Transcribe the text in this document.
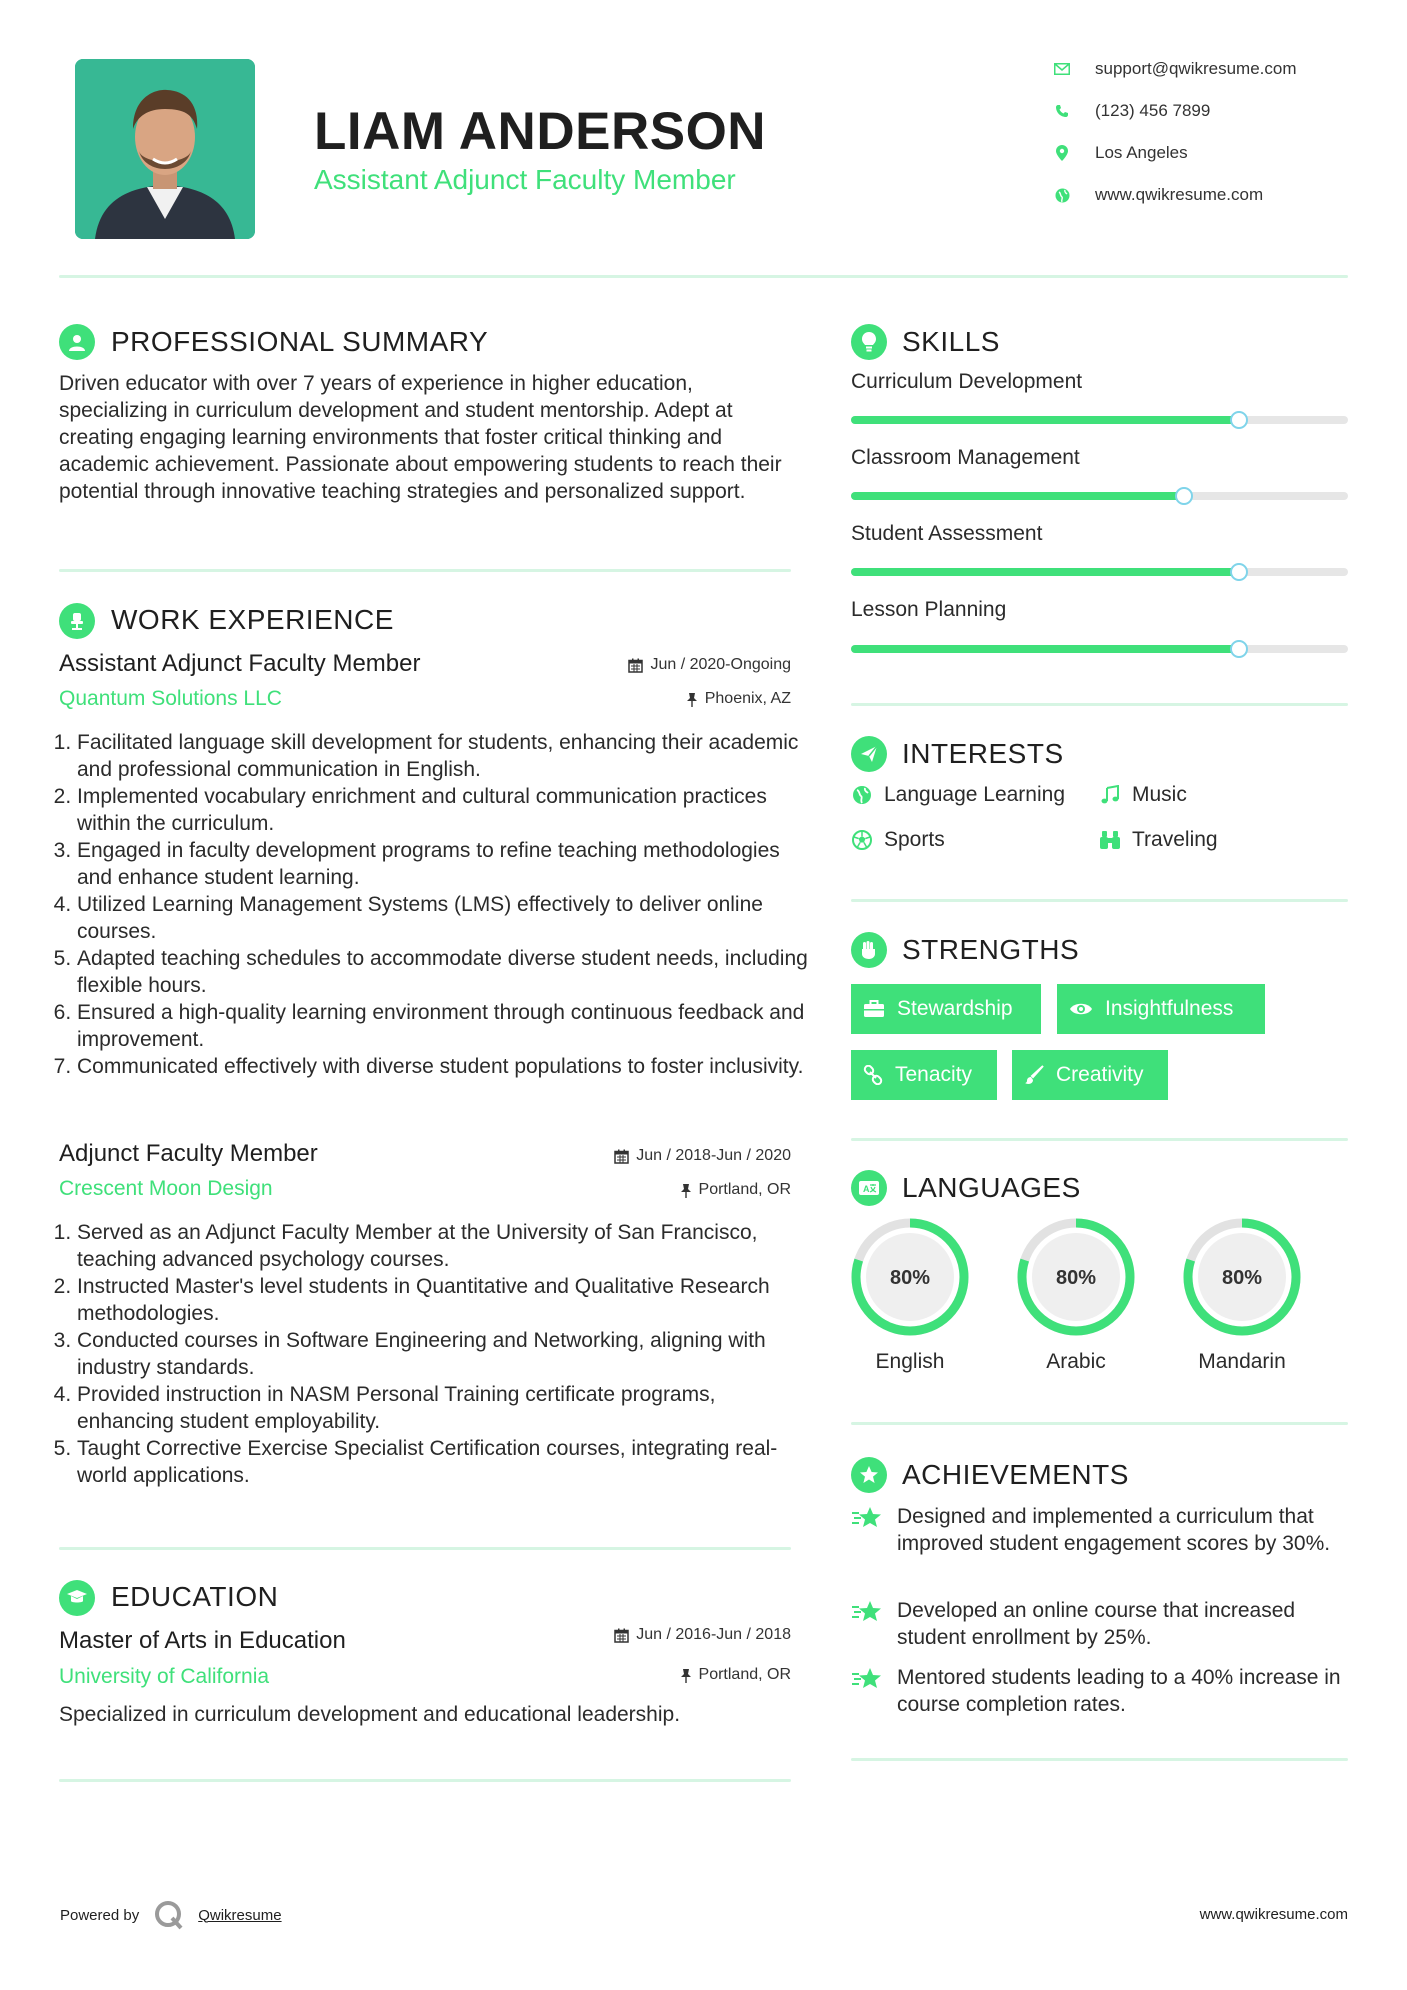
LIAM ANDERSON
Assistant Adjunct Faculty Member
support@qwikresume.com
(123) 456 7899
Los Angeles
www.qwikresume.com
PROFESSIONAL SUMMARY
Driven educator with over 7 years of experience in higher education, specializing in curriculum development and student mentorship. Adept at creating engaging learning environments that foster critical thinking and academic achievement. Passionate about empowering students to reach their potential through innovative teaching strategies and personalized support.
WORK EXPERIENCE
Assistant Adjunct Faculty Member	Jun / 2020-Ongoing
Quantum Solutions LLC	Phoenix, AZ
1. Facilitated language skill development for students, enhancing their academic and professional communication in English.
2. Implemented vocabulary enrichment and cultural communication practices within the curriculum.
3. Engaged in faculty development programs to refine teaching methodologies and enhance student learning.
4. Utilized Learning Management Systems (LMS) effectively to deliver online courses.
5. Adapted teaching schedules to accommodate diverse student needs, including flexible hours.
6. Ensured a high-quality learning environment through continuous feedback and improvement.
7. Communicated effectively with diverse student populations to foster inclusivity.
Adjunct Faculty Member	Jun / 2018-Jun / 2020
Crescent Moon Design	Portland, OR
1. Served as an Adjunct Faculty Member at the University of San Francisco, teaching advanced psychology courses.
2. Instructed Master's level students in Quantitative and Qualitative Research methodologies.
3. Conducted courses in Software Engineering and Networking, aligning with industry standards.
4. Provided instruction in NASM Personal Training certificate programs, enhancing student employability.
5. Taught Corrective Exercise Specialist Certification courses, integrating real-world applications.
EDUCATION
Master of Arts in Education	Jun / 2016-Jun / 2018
University of California	Portland, OR
Specialized in curriculum development and educational leadership.
SKILLS
Curriculum Development
Classroom Management
Student Assessment
Lesson Planning
INTERESTS
Language Learning	Music
Sports	Traveling
STRENGTHS
Stewardship	Insightfulness
Tenacity	Creativity
A LANGUAGES
80%
English
80%
Arabic
80%
Mandarin
ACHIEVEMENTS
Designed and implemented a curriculum that improved student engagement scores by 30%.
Developed an online course that increased student enrollment by 25%.
Mentored students leading to a 40% increase in course completion rates.
Powered by	Qwikresume	www.qwikresume.com
